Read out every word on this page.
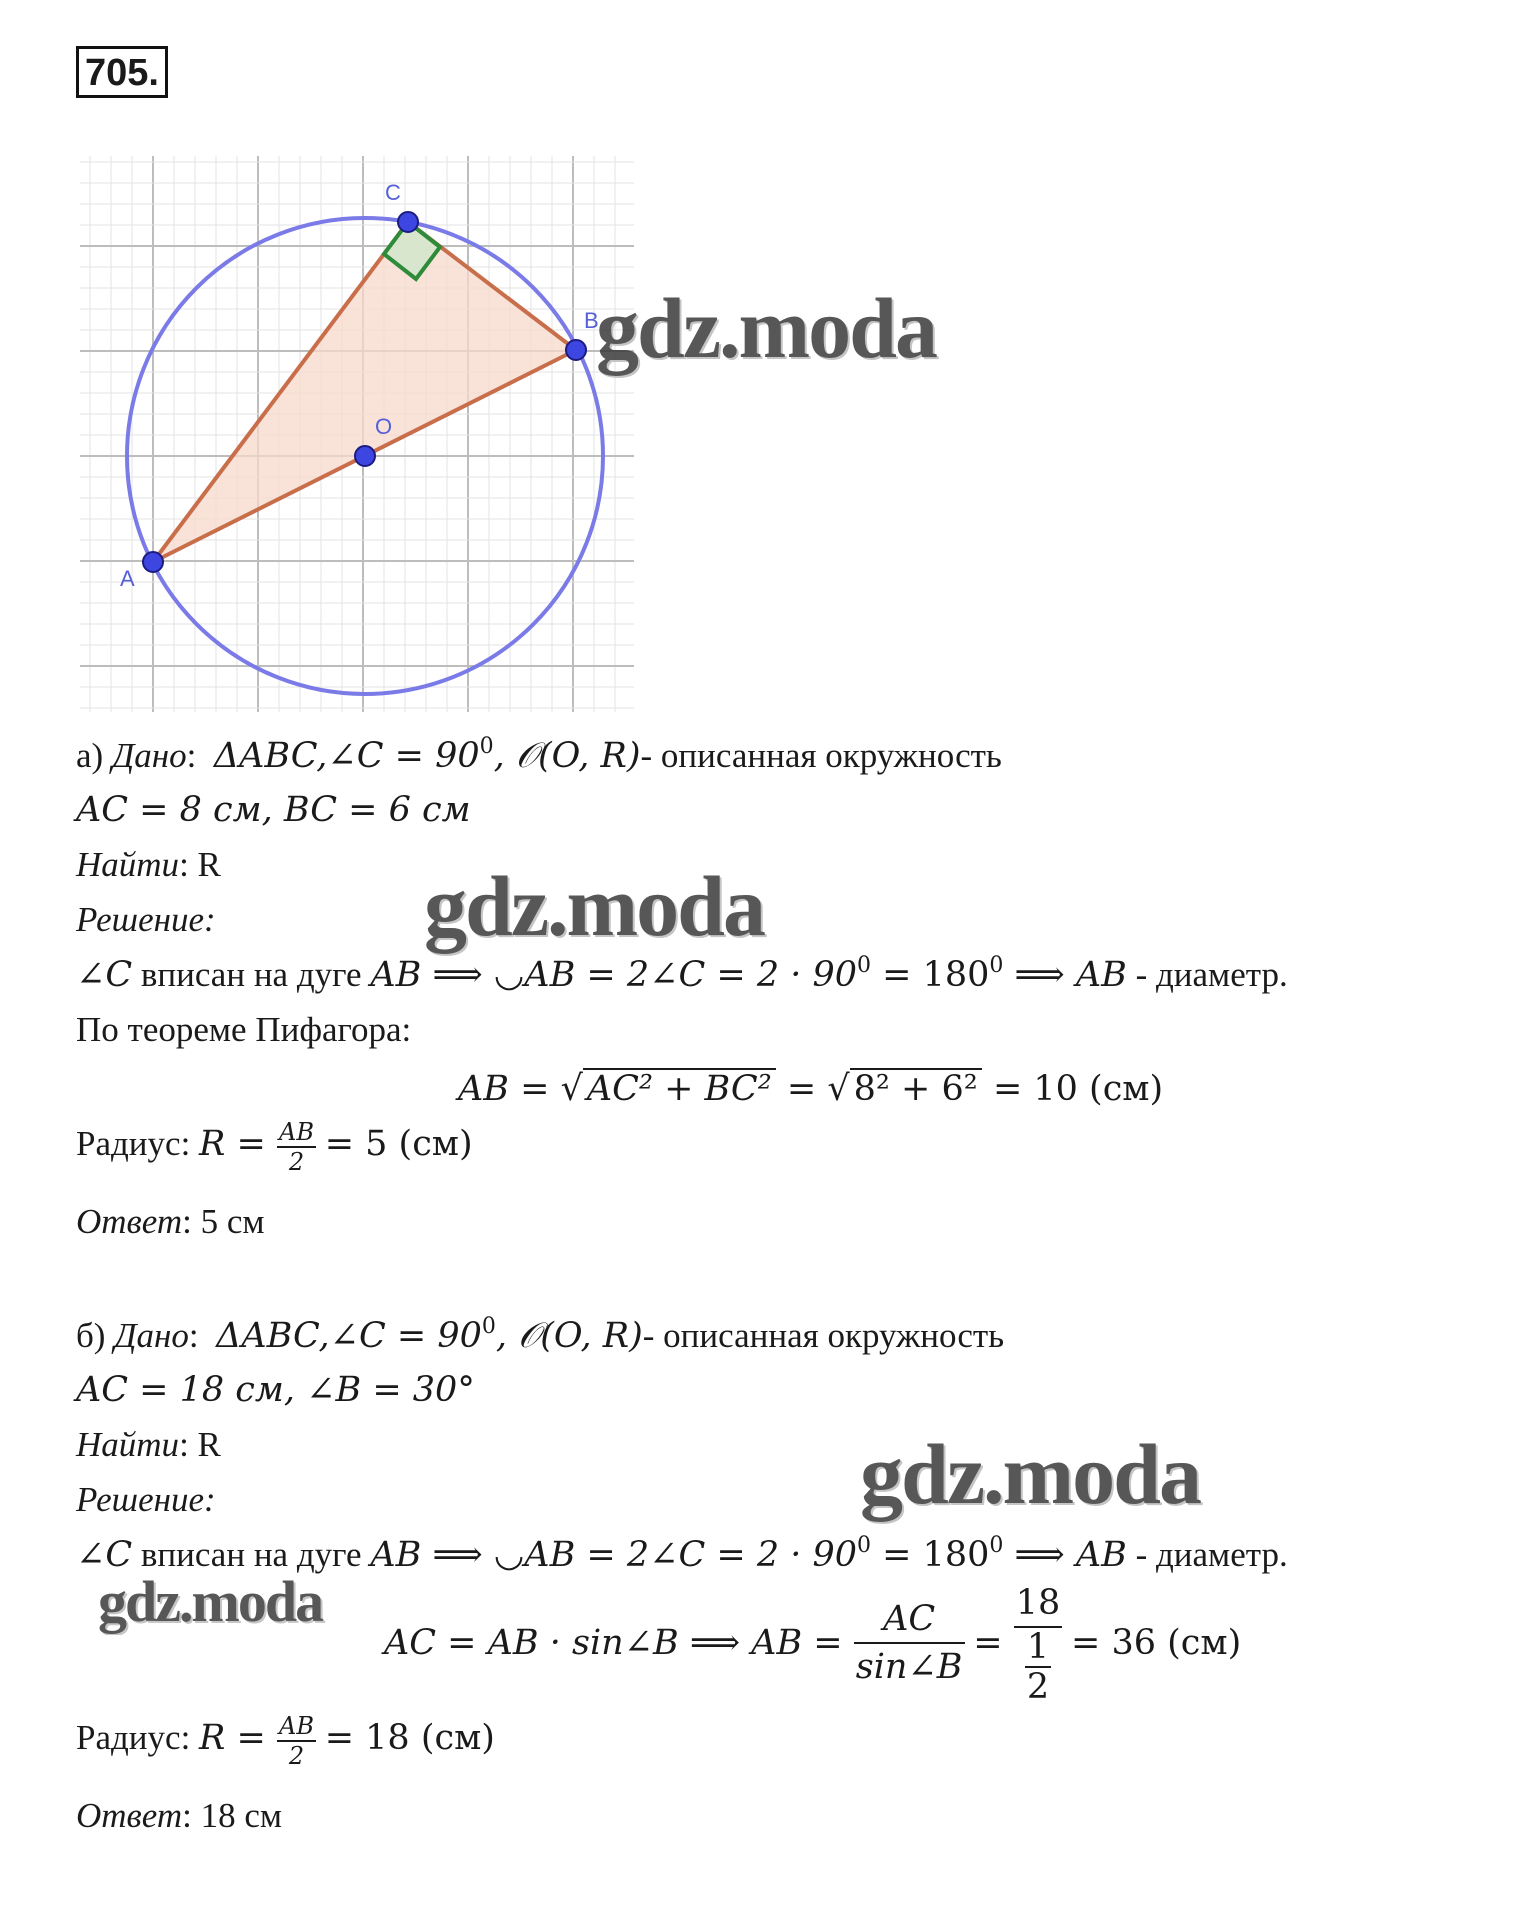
705.
A
B
C
O
а) Дано:  ΔABC,∠C = $90^0$, 𝒪(O, R)- описанная окружность
AC = 8 см, BC = 6 см
Найти: R
Решение:
∠C вписан на дуге AB ⟹ ◡AB = 2∠C = $2 \cdot 90^0 = 180^0$ ⟹ AB - диаметр.
По теореме Пифагора:
AB = √ AC² + BC² = √ 8² + 6² = 10 (см)
Радиус: $R = \frac{AB}{2} = 5$ (см)
Ответ: 5 см
б) Дано:  ΔABC,∠C = $90^0$, 𝒪(O, R)- описанная окружность
AC = 18 см, ∠B = 30°
Найти: R
Решение:
∠C вписан на дуге AB ⟹ ◡AB = 2∠C = $2 \cdot 90^0 = 180^0$ ⟹ AB - диаметр.
AC = AB · sin∠B ⟹ AB = $\frac{AC}{\sin\angle B} = \frac{18}{\frac{1}{2}} = 36$ (см)
Радиус: $R = \frac{AB}{2} = 18$ (см)
Ответ: 18 см
gdz.moda
gdz.moda
gdz.moda
gdz.moda
